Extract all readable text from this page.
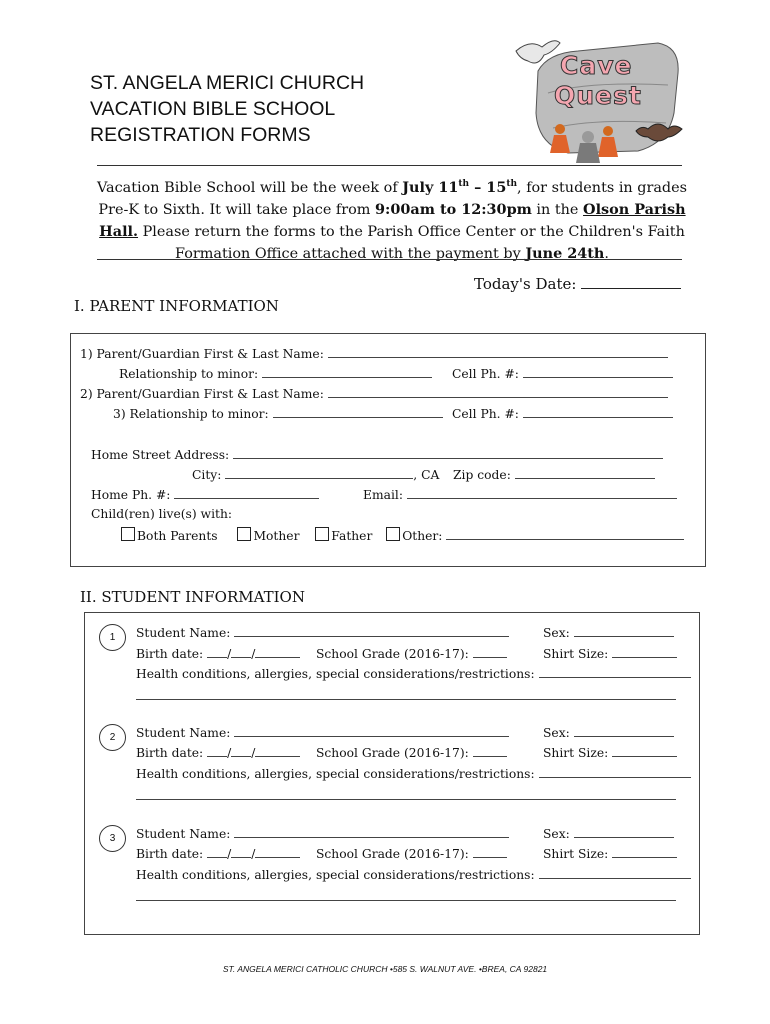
ST. ANGELA MERICI CHURCH
VACATION BIBLE SCHOOL
REGISTRATION FORMS
Cave
Quest
Vacation Bible School will be the week of July 11th – 15th, for students in grades Pre-K to Sixth. It will take place from 9:00am to 12:30pm in the Olson Parish Hall. Please return the forms to the Parish Office Center or the Children's Faith Formation Office attached with the payment by June 24th.
Today's Date:
I. PARENT INFORMATION
1) Parent/Guardian First & Last Name:
Relationship to minor:	Cell Ph. #:
2) Parent/Guardian First & Last Name:
3) Relationship to minor:	Cell Ph. #:
Home Street Address:
City:	, CA Zip code:
Home Ph. #:	Email:
Child(ren) live(s) with:
Both Parents	Mother	Father Other:
II. STUDENT INFORMATION
1	Student Name:	Sex:
Birth date: / /	School Grade (2016-17):	Shirt Size:
Health conditions, allergies, special considerations/restrictions:
2	Student Name:	Sex:
Birth date: / /	School Grade (2016-17):	Shirt Size:
Health conditions, allergies, special considerations/restrictions:
3	Student Name:	Sex:
Birth date: / /	School Grade (2016-17):	Shirt Size:
Health conditions, allergies, special considerations/restrictions:
ST. ANGELA MERICI CATHOLIC CHURCH •585 S. WALNUT AVE. •BREA, CA 92821
